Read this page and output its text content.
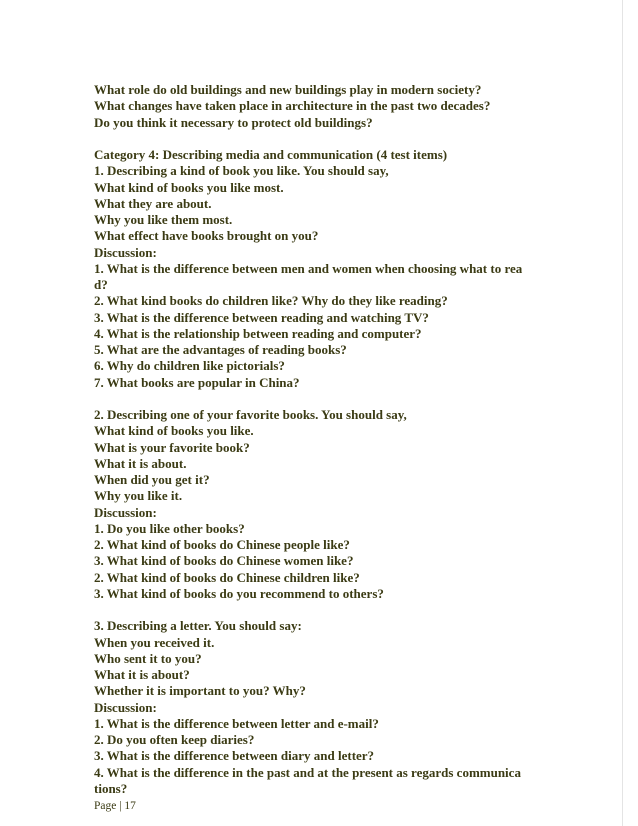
What role do old buildings and new buildings play in modern society?
What changes have taken place in architecture in the past two decades?
Do you think it necessary to protect old buildings?
Category 4: Describing media and communication (4 test items)
1. Describing a kind of book you like. You should say,
What kind of books you like most.
What they are about.
Why you like them most.
What effect have books brought on you?
Discussion:
1. What is the difference between men and women when choosing what to rea
d?
2. What kind books do children like? Why do they like reading?
3. What is the difference between reading and watching TV?
4. What is the relationship between reading and computer?
5. What are the advantages of reading books?
6. Why do children like pictorials?
7. What books are popular in China?
2. Describing one of your favorite books. You should say,
What kind of books you like.
What is your favorite book?
What it is about.
When did you get it?
Why you like it.
Discussion:
1. Do you like other books?
2. What kind of books do Chinese people like?
3. What kind of books do Chinese women like?
2. What kind of books do Chinese children like?
3. What kind of books do you recommend to others?
3. Describing a letter. You should say:
When you received it.
Who sent it to you?
What it is about?
Whether it is important to you? Why?
Discussion:
1. What is the difference between letter and e-mail?
2. Do you often keep diaries?
3. What is the difference between diary and letter?
4. What is the difference in the past and at the present as regards communica
tions?
Page | 17
